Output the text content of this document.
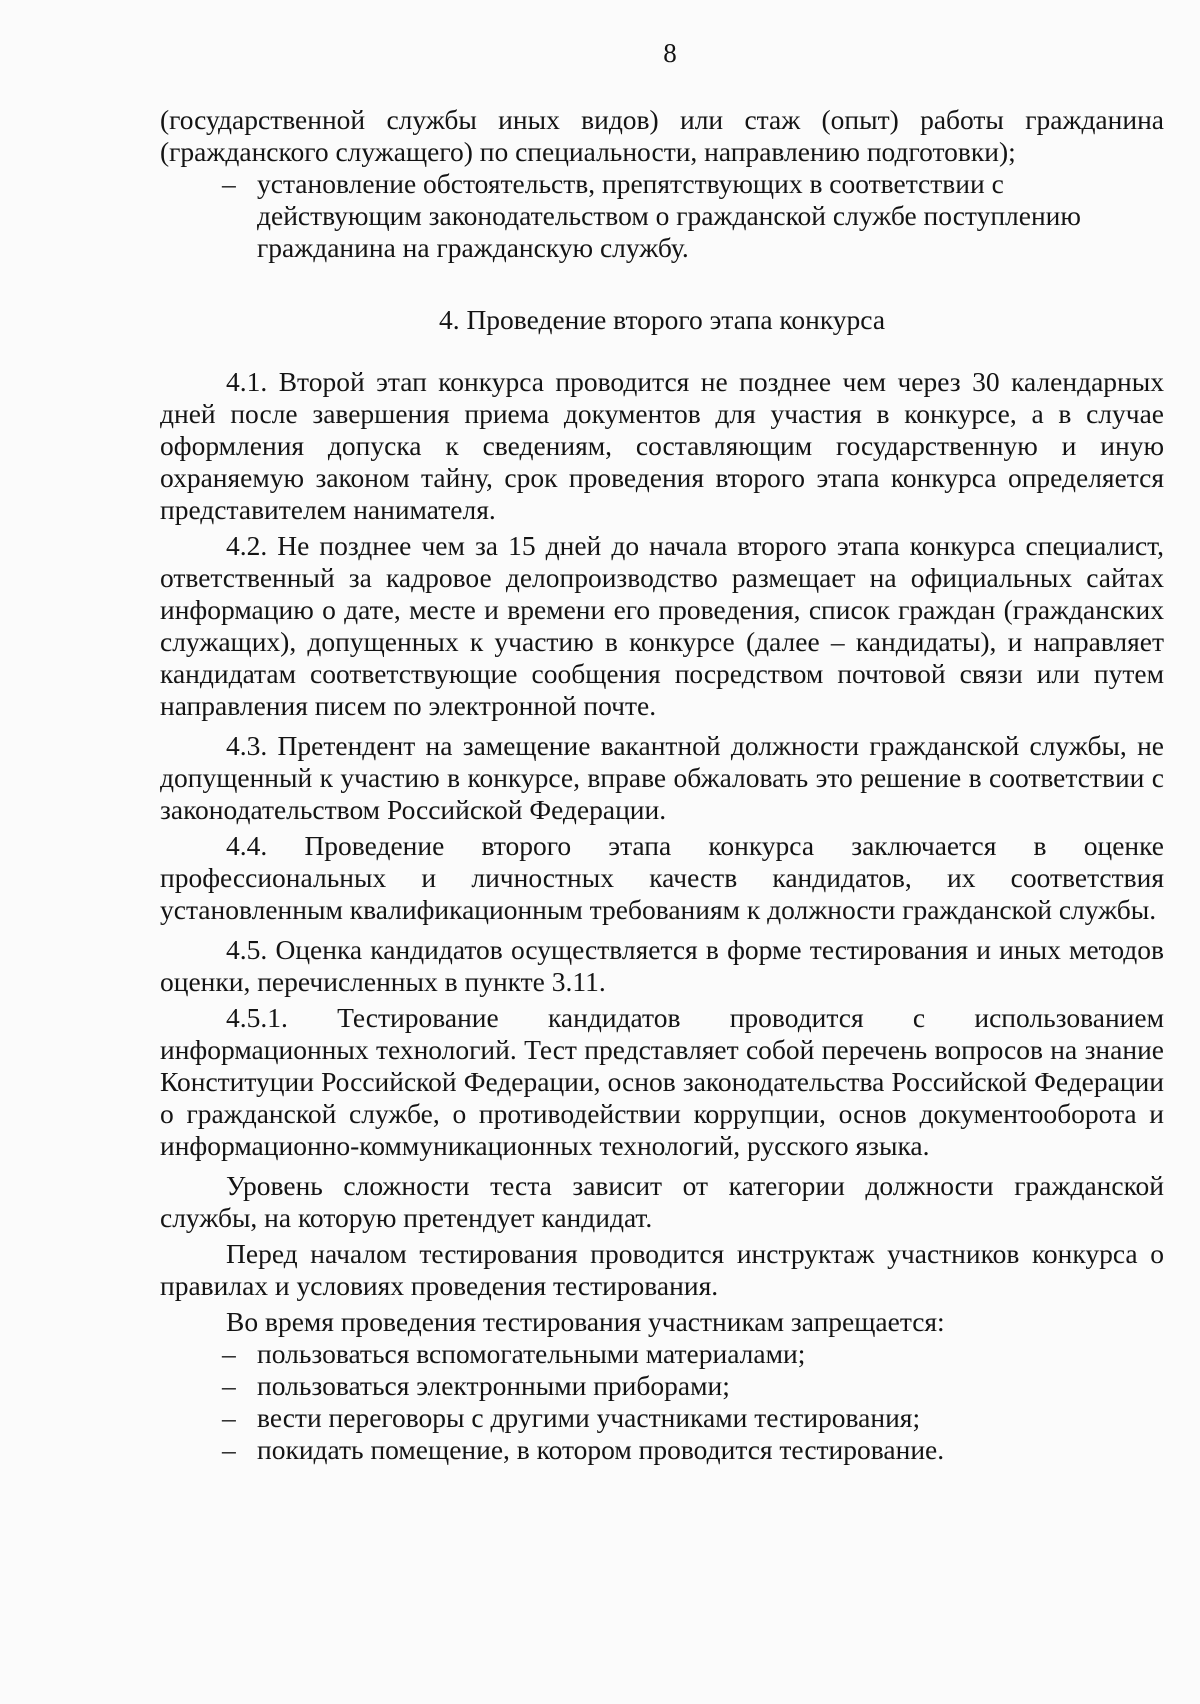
8

(государственной службы иных видов) или стаж (опыт) работы гражданина (гражданского служащего) по специальности, направлению подготовки);

– установление обстоятельств, препятствующих в соответствии с действующим законодательством о гражданской службе поступлению гражданина на гражданскую службу.

4. Проведение второго этапа конкурса

4.1. Второй этап конкурса проводится не позднее чем через 30 календарных дней после завершения приема документов для участия в конкурсе, а в случае оформления допуска к сведениям, составляющим государственную и иную охраняемую законом тайну, срок проведения второго этапа конкурса определяется представителем нанимателя.

4.2. Не позднее чем за 15 дней до начала второго этапа конкурса специалист, ответственный за кадровое делопроизводство размещает на официальных сайтах информацию о дате, месте и времени его проведения, список граждан (гражданских служащих), допущенных к участию в конкурсе (далее – кандидаты), и направляет кандидатам соответствующие сообщения посредством почтовой связи или путем направления писем по электронной почте.

4.3. Претендент на замещение вакантной должности гражданской службы, не допущенный к участию в конкурсе, вправе обжаловать это решение в соответствии с законодательством Российской Федерации.

4.4. Проведение второго этапа конкурса заключается в оценке профессиональных и личностных качеств кандидатов, их соответствия установленным квалификационным требованиям к должности гражданской службы.

4.5. Оценка кандидатов осуществляется в форме тестирования и иных методов оценки, перечисленных в пункте 3.11.

4.5.1. Тестирование кандидатов проводится с использованием информационных технологий. Тест представляет собой перечень вопросов на знание Конституции Российской Федерации, основ законодательства Российской Федерации о гражданской службе, о противодействии коррупции, основ документооборота и информационно-коммуникационных технологий, русского языка.

Уровень сложности теста зависит от категории должности гражданской службы, на которую претендует кандидат.

Перед началом тестирования проводится инструктаж участников конкурса о правилах и условиях проведения тестирования.

Во время проведения тестирования участникам запрещается:

– пользоваться вспомогательными материалами;

– пользоваться электронными приборами;

– вести переговоры с другими участниками тестирования;

– покидать помещение, в котором проводится тестирование.
